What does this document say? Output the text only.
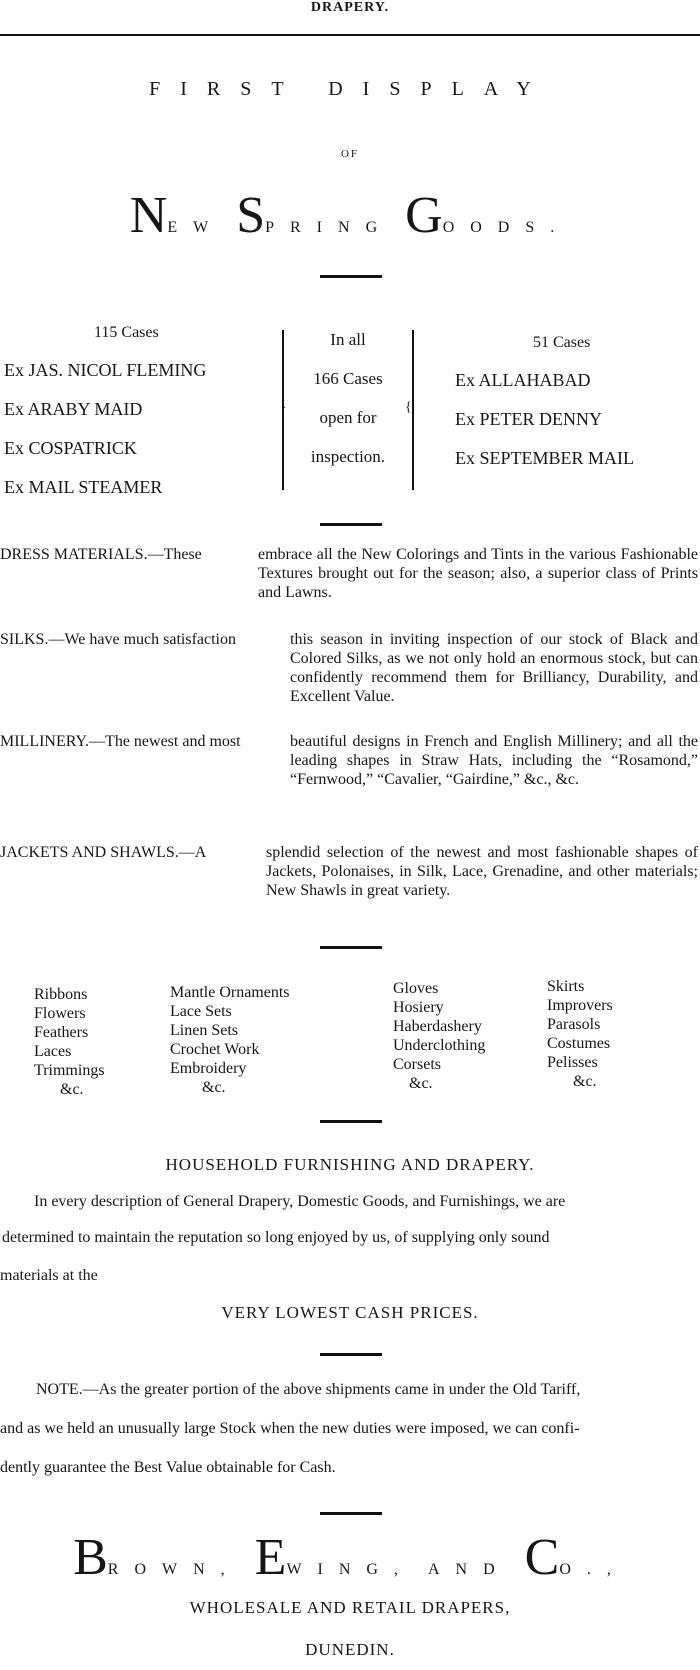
DRAPERY.
FIRST DISPLAY
OF
NEW SPRING GOODS.
115 Cases
Ex JAS. NICOL FLEMING
Ex ARABY MAID
Ex COSPATRICK
Ex MAIL STEAMER
}
In all
166 Cases
open for
inspection.
{
51 Cases
Ex ALLAHABAD
Ex PETER DENNY
Ex SEPTEMBER MAIL
DRESS MATERIALS.—These	embrace all the New Colorings and Tints in the various Fashionable Textures brought out for the season; also, a superior class of Prints and Lawns.
SILKS.—We have much satisfaction	this season in inviting inspection of our stock of Black and Colored Silks, as we not only hold an enormous stock, but can confidently recommend them for Brilliancy, Durability, and Excellent Value.
MILLINERY.—The newest and most	beautiful designs in French and English Millinery; and all the leading shapes in Straw Hats, including the “Rosamond,” “Fernwood,” “Cavalier, “Gairdine,” &c., &c.
JACKETS AND SHAWLS.—A	splendid selection of the newest and most fashionable shapes of Jackets, Polonaises, in Silk, Lace, Grenadine, and other materials; New Shawls in great variety.
Ribbons
Flowers
Feathers
Laces
Trimmings
&c.
Mantle Ornaments
Lace Sets
Linen Sets
Crochet Work
Embroidery
&c.
Gloves
Hosiery
Haberdashery
Underclothing
Corsets
&c.
Skirts
Improvers
Parasols
Costumes
Pelisses
&c.
HOUSEHOLD FURNISHING AND DRAPERY.
In every description of General Drapery, Domestic Goods, and Furnishings, we are
determined to maintain the reputation so long enjoyed by us, of supplying only sound
materials at the
VERY LOWEST CASH PRICES.
NOTE.—As the greater portion of the above shipments came in under the Old Tariff,
and as we held an unusually large Stock when the new duties were imposed, we can confi-
dently guarantee the Best Value obtainable for Cash.
BROWN, EWING, AND CO.,
WHOLESALE AND RETAIL DRAPERS,
DUNEDIN.
